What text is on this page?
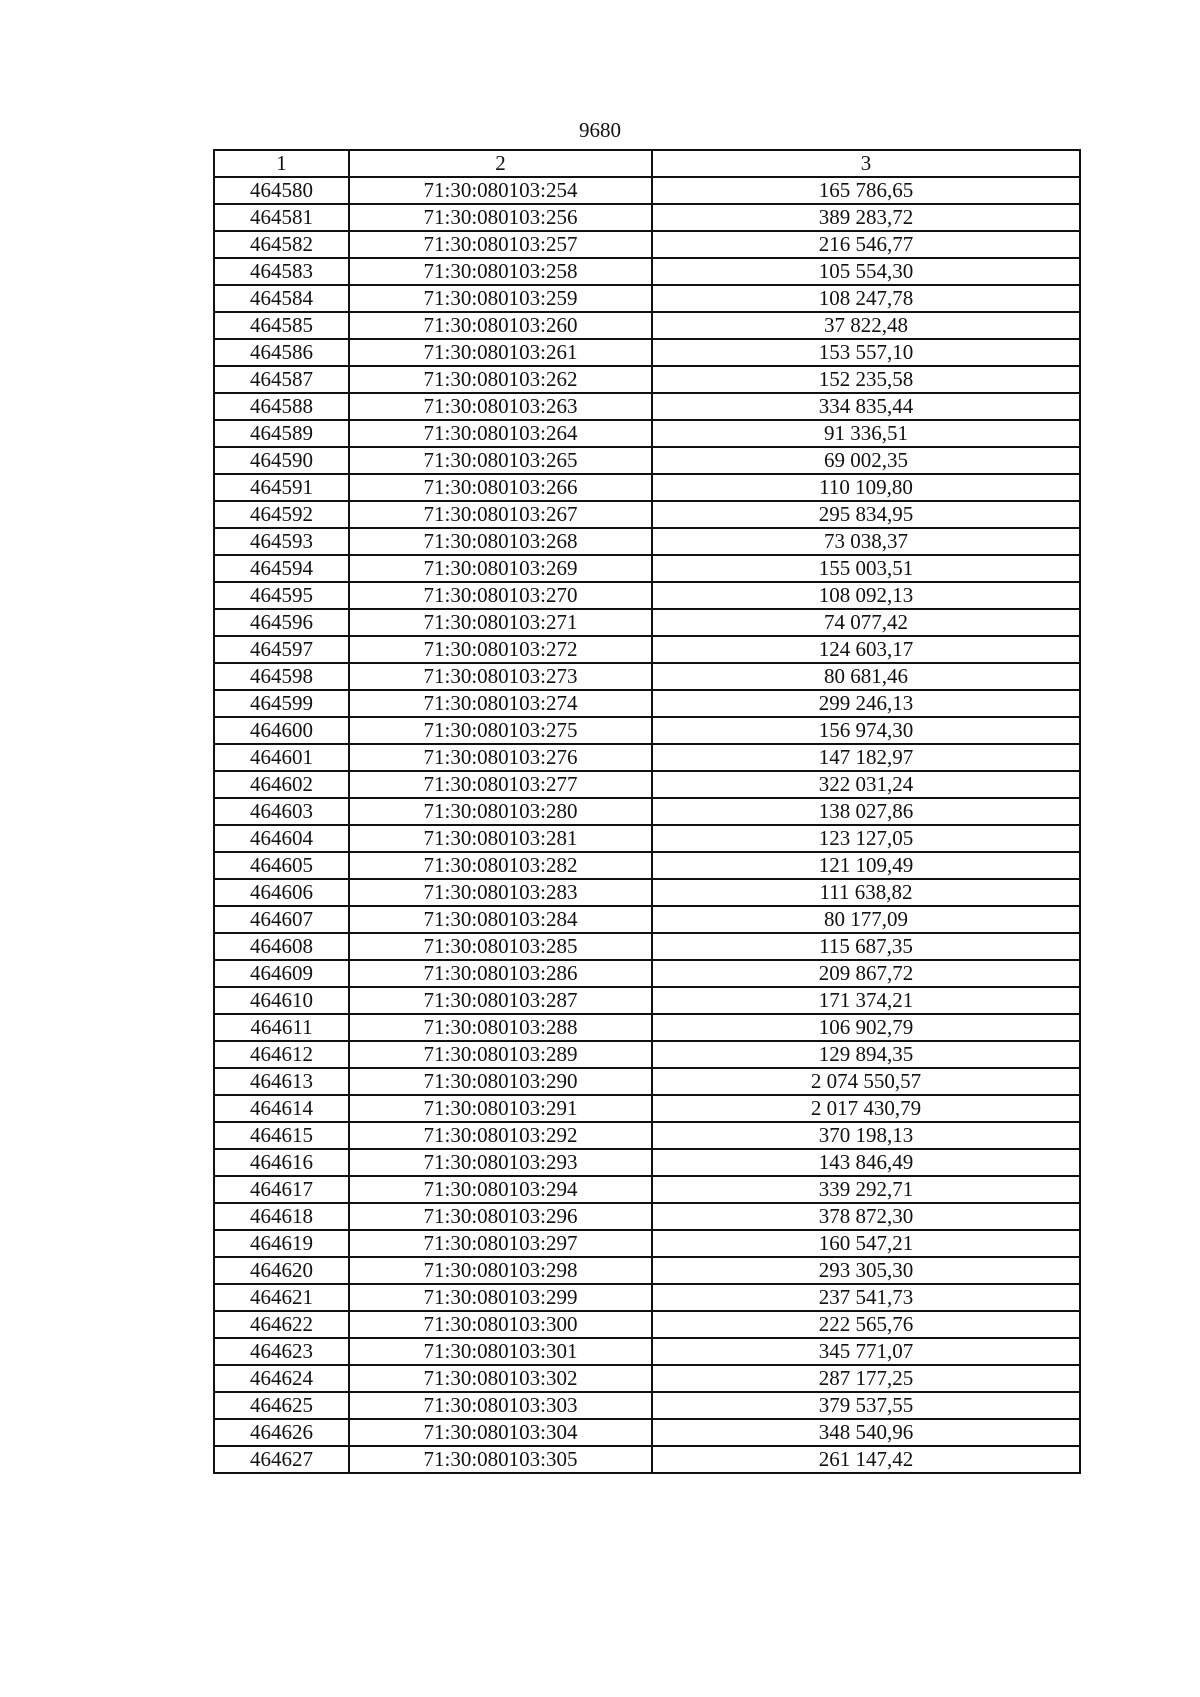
9680
1	2	3
464580	71:30:080103:254	165 786,65
464581	71:30:080103:256	389 283,72
464582	71:30:080103:257	216 546,77
464583	71:30:080103:258	105 554,30
464584	71:30:080103:259	108 247,78
464585	71:30:080103:260	37 822,48
464586	71:30:080103:261	153 557,10
464587	71:30:080103:262	152 235,58
464588	71:30:080103:263	334 835,44
464589	71:30:080103:264	91 336,51
464590	71:30:080103:265	69 002,35
464591	71:30:080103:266	110 109,80
464592	71:30:080103:267	295 834,95
464593	71:30:080103:268	73 038,37
464594	71:30:080103:269	155 003,51
464595	71:30:080103:270	108 092,13
464596	71:30:080103:271	74 077,42
464597	71:30:080103:272	124 603,17
464598	71:30:080103:273	80 681,46
464599	71:30:080103:274	299 246,13
464600	71:30:080103:275	156 974,30
464601	71:30:080103:276	147 182,97
464602	71:30:080103:277	322 031,24
464603	71:30:080103:280	138 027,86
464604	71:30:080103:281	123 127,05
464605	71:30:080103:282	121 109,49
464606	71:30:080103:283	111 638,82
464607	71:30:080103:284	80 177,09
464608	71:30:080103:285	115 687,35
464609	71:30:080103:286	209 867,72
464610	71:30:080103:287	171 374,21
464611	71:30:080103:288	106 902,79
464612	71:30:080103:289	129 894,35
464613	71:30:080103:290	2 074 550,57
464614	71:30:080103:291	2 017 430,79
464615	71:30:080103:292	370 198,13
464616	71:30:080103:293	143 846,49
464617	71:30:080103:294	339 292,71
464618	71:30:080103:296	378 872,30
464619	71:30:080103:297	160 547,21
464620	71:30:080103:298	293 305,30
464621	71:30:080103:299	237 541,73
464622	71:30:080103:300	222 565,76
464623	71:30:080103:301	345 771,07
464624	71:30:080103:302	287 177,25
464625	71:30:080103:303	379 537,55
464626	71:30:080103:304	348 540,96
464627	71:30:080103:305	261 147,42
